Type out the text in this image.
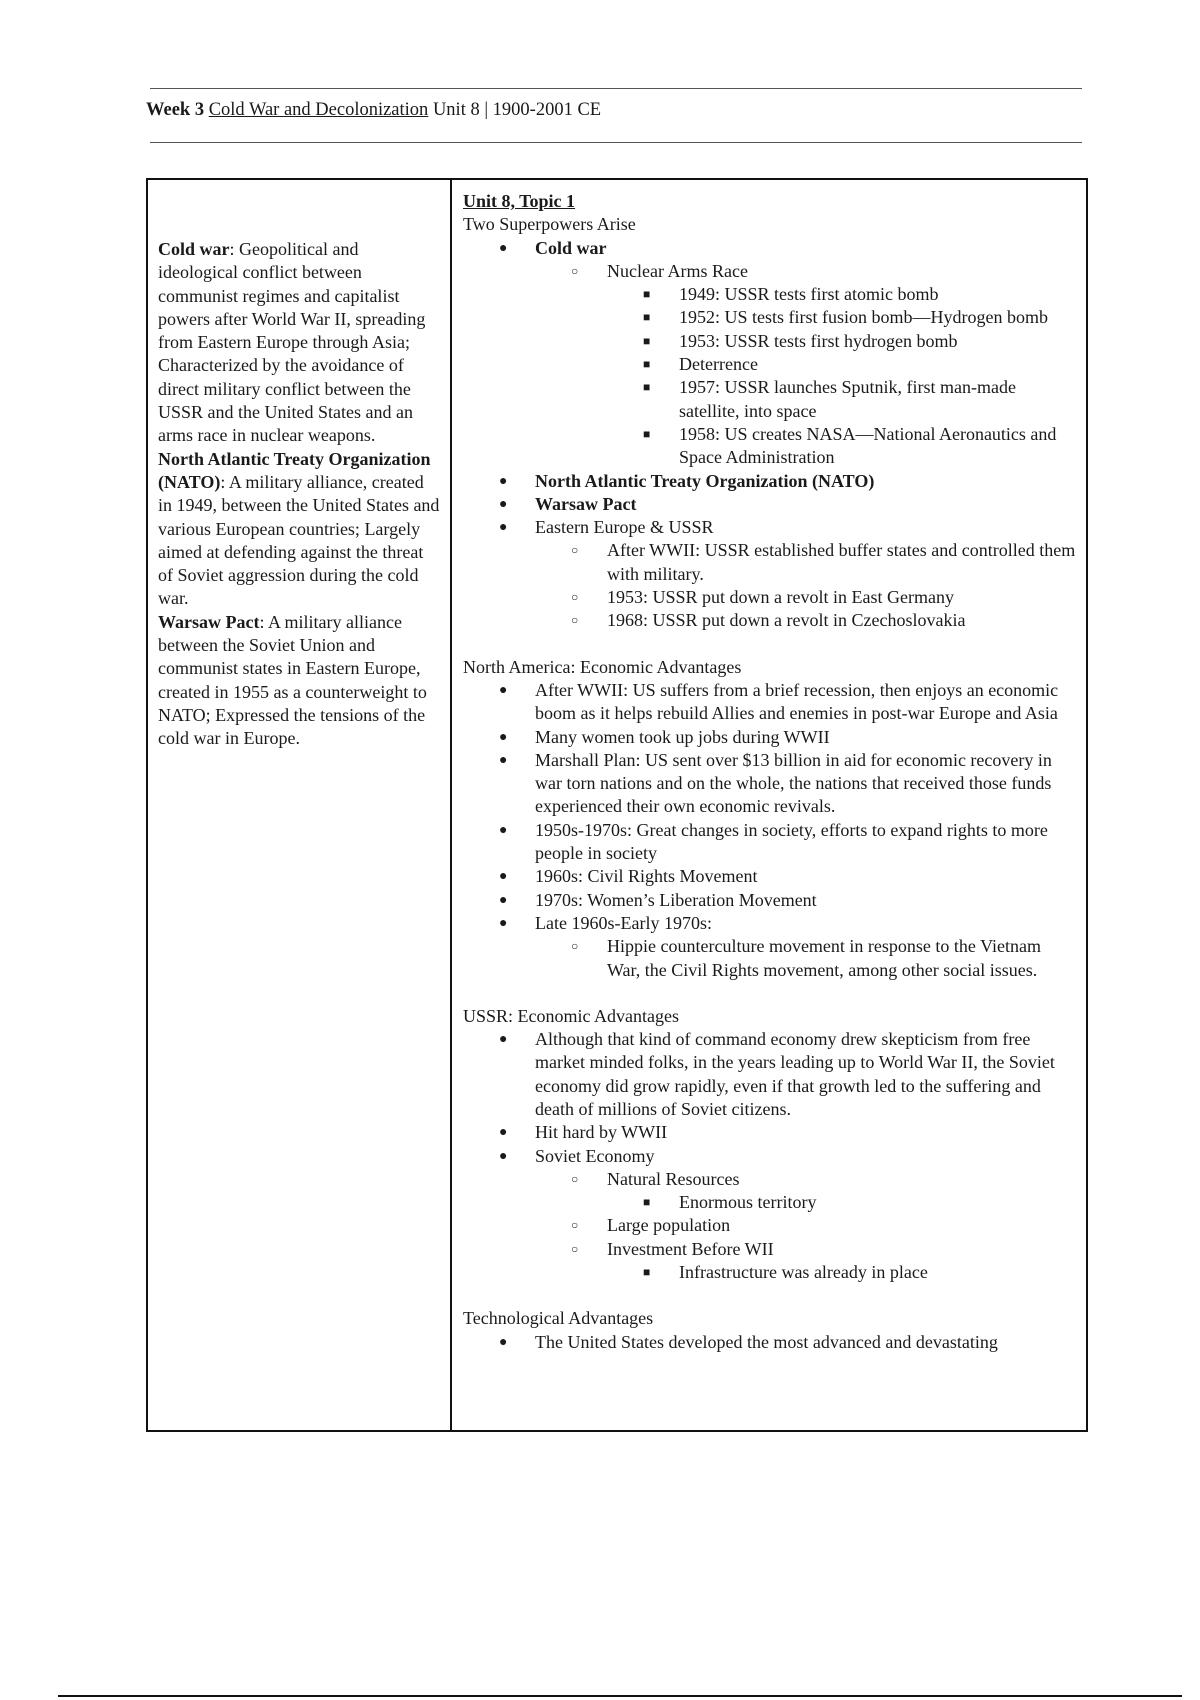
Week 3 Cold War and Decolonization Unit 8 | 1900-2001 CE

Cold war: Geopolitical and ideological conflict between communist regimes and capitalist powers after World War II, spreading from Eastern Europe through Asia; Characterized by the avoidance of direct military conflict between the USSR and the United States and an arms race in nuclear weapons.

North Atlantic Treaty Organization (NATO): A military alliance, created in 1949, between the United States and various European countries; Largely aimed at defending against the threat of Soviet aggression during the cold war.

Warsaw Pact: A military alliance between the Soviet Union and communist states in Eastern Europe, created in 1955 as a counterweight to NATO; Expressed the tensions of the cold war in Europe.

Unit 8, Topic 1

Two Superpowers Arise

● Cold war
○ Nuclear Arms Race
■ 1949: USSR tests first atomic bomb
■ 1952: US tests first fusion bomb—Hydrogen bomb
■ 1953: USSR tests first hydrogen bomb
■ Deterrence
■ 1957: USSR launches Sputnik, first man-made satellite, into space
■ 1958: US creates NASA—National Aeronautics and Space Administration
● North Atlantic Treaty Organization (NATO)
● Warsaw Pact
● Eastern Europe & USSR
○ After WWII: USSR established buffer states and controlled them with military.
○ 1953: USSR put down a revolt in East Germany
○ 1968: USSR put down a revolt in Czechoslovakia

North America: Economic Advantages

● After WWII: US suffers from a brief recession, then enjoys an economic boom as it helps rebuild Allies and enemies in post-war Europe and Asia
● Many women took up jobs during WWII
● Marshall Plan: US sent over $13 billion in aid for economic recovery in war torn nations and on the whole, the nations that received those funds experienced their own economic revivals.
● 1950s-1970s: Great changes in society, efforts to expand rights to more people in society
● 1960s: Civil Rights Movement
● 1970s: Women’s Liberation Movement
● Late 1960s-Early 1970s:
○ Hippie counterculture movement in response to the Vietnam War, the Civil Rights movement, among other social issues.

USSR: Economic Advantages

● Although that kind of command economy drew skepticism from free market minded folks, in the years leading up to World War II, the Soviet economy did grow rapidly, even if that growth led to the suffering and death of millions of Soviet citizens.
● Hit hard by WWII
● Soviet Economy
○ Natural Resources
■ Enormous territory
○ Large population
○ Investment Before WII
■ Infrastructure was already in place

Technological Advantages

● The United States developed the most advanced and devastating
